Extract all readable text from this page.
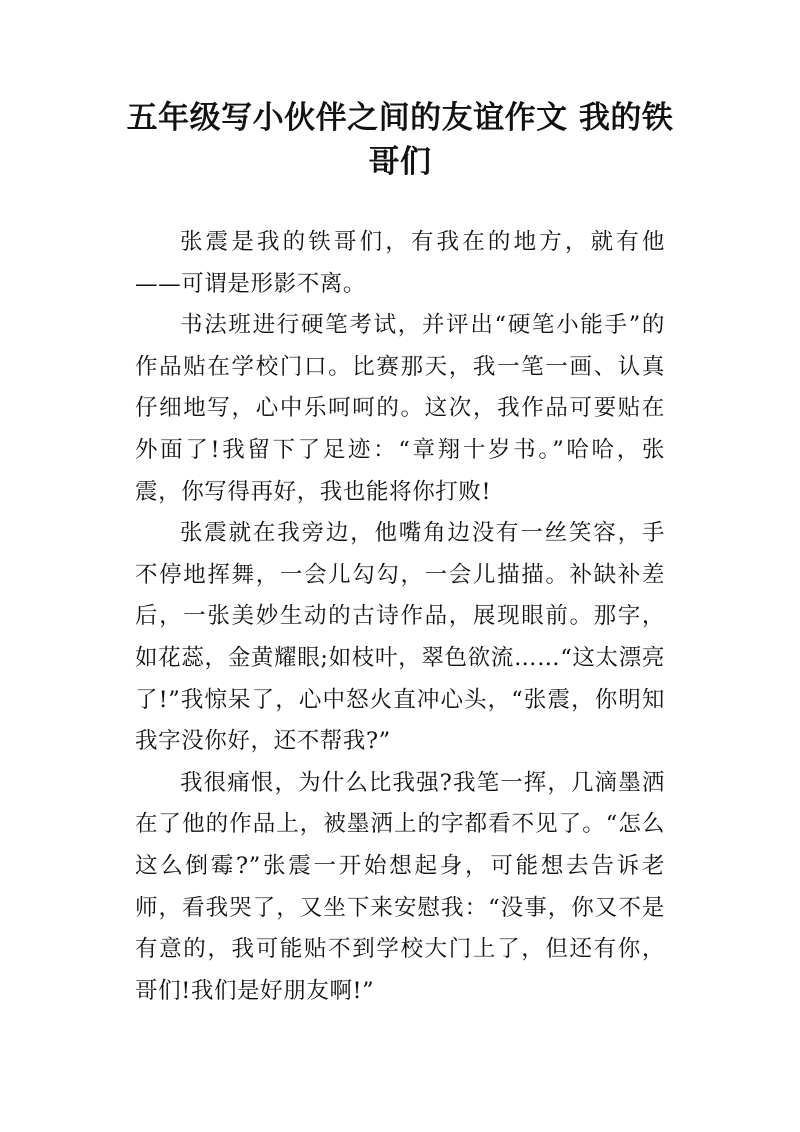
五年级写小伙伴之间的友谊作文 我的铁哥们

张震是我的铁哥们，有我在的地方，就有他——可谓是形影不离。

书法班进行硬笔考试，并评出“硬笔小能手”的作品贴在学校门口。比赛那天，我一笔一画、认真仔细地写，心中乐呵呵的。这次，我作品可要贴在外面了!我留下了足迹：“章翔十岁书。”哈哈，张震，你写得再好，我也能将你打败!

张震就在我旁边，他嘴角边没有一丝笑容，手不停地挥舞，一会儿勾勾，一会儿描描。补缺补差后，一张美妙生动的古诗作品，展现眼前。那字，如花蕊，金黄耀眼;如枝叶，翠色欲流……“这太漂亮了!”我惊呆了，心中怒火直冲心头，“张震，你明知我字没你好，还不帮我?”

我很痛恨，为什么比我强?我笔一挥，几滴墨洒在了他的作品上，被墨洒上的字都看不见了。“怎么这么倒霉?”张震一开始想起身，可能想去告诉老师，看我哭了，又坐下来安慰我：“没事，你又不是有意的，我可能贴不到学校大门上了，但还有你，哥们!我们是好朋友啊!”
